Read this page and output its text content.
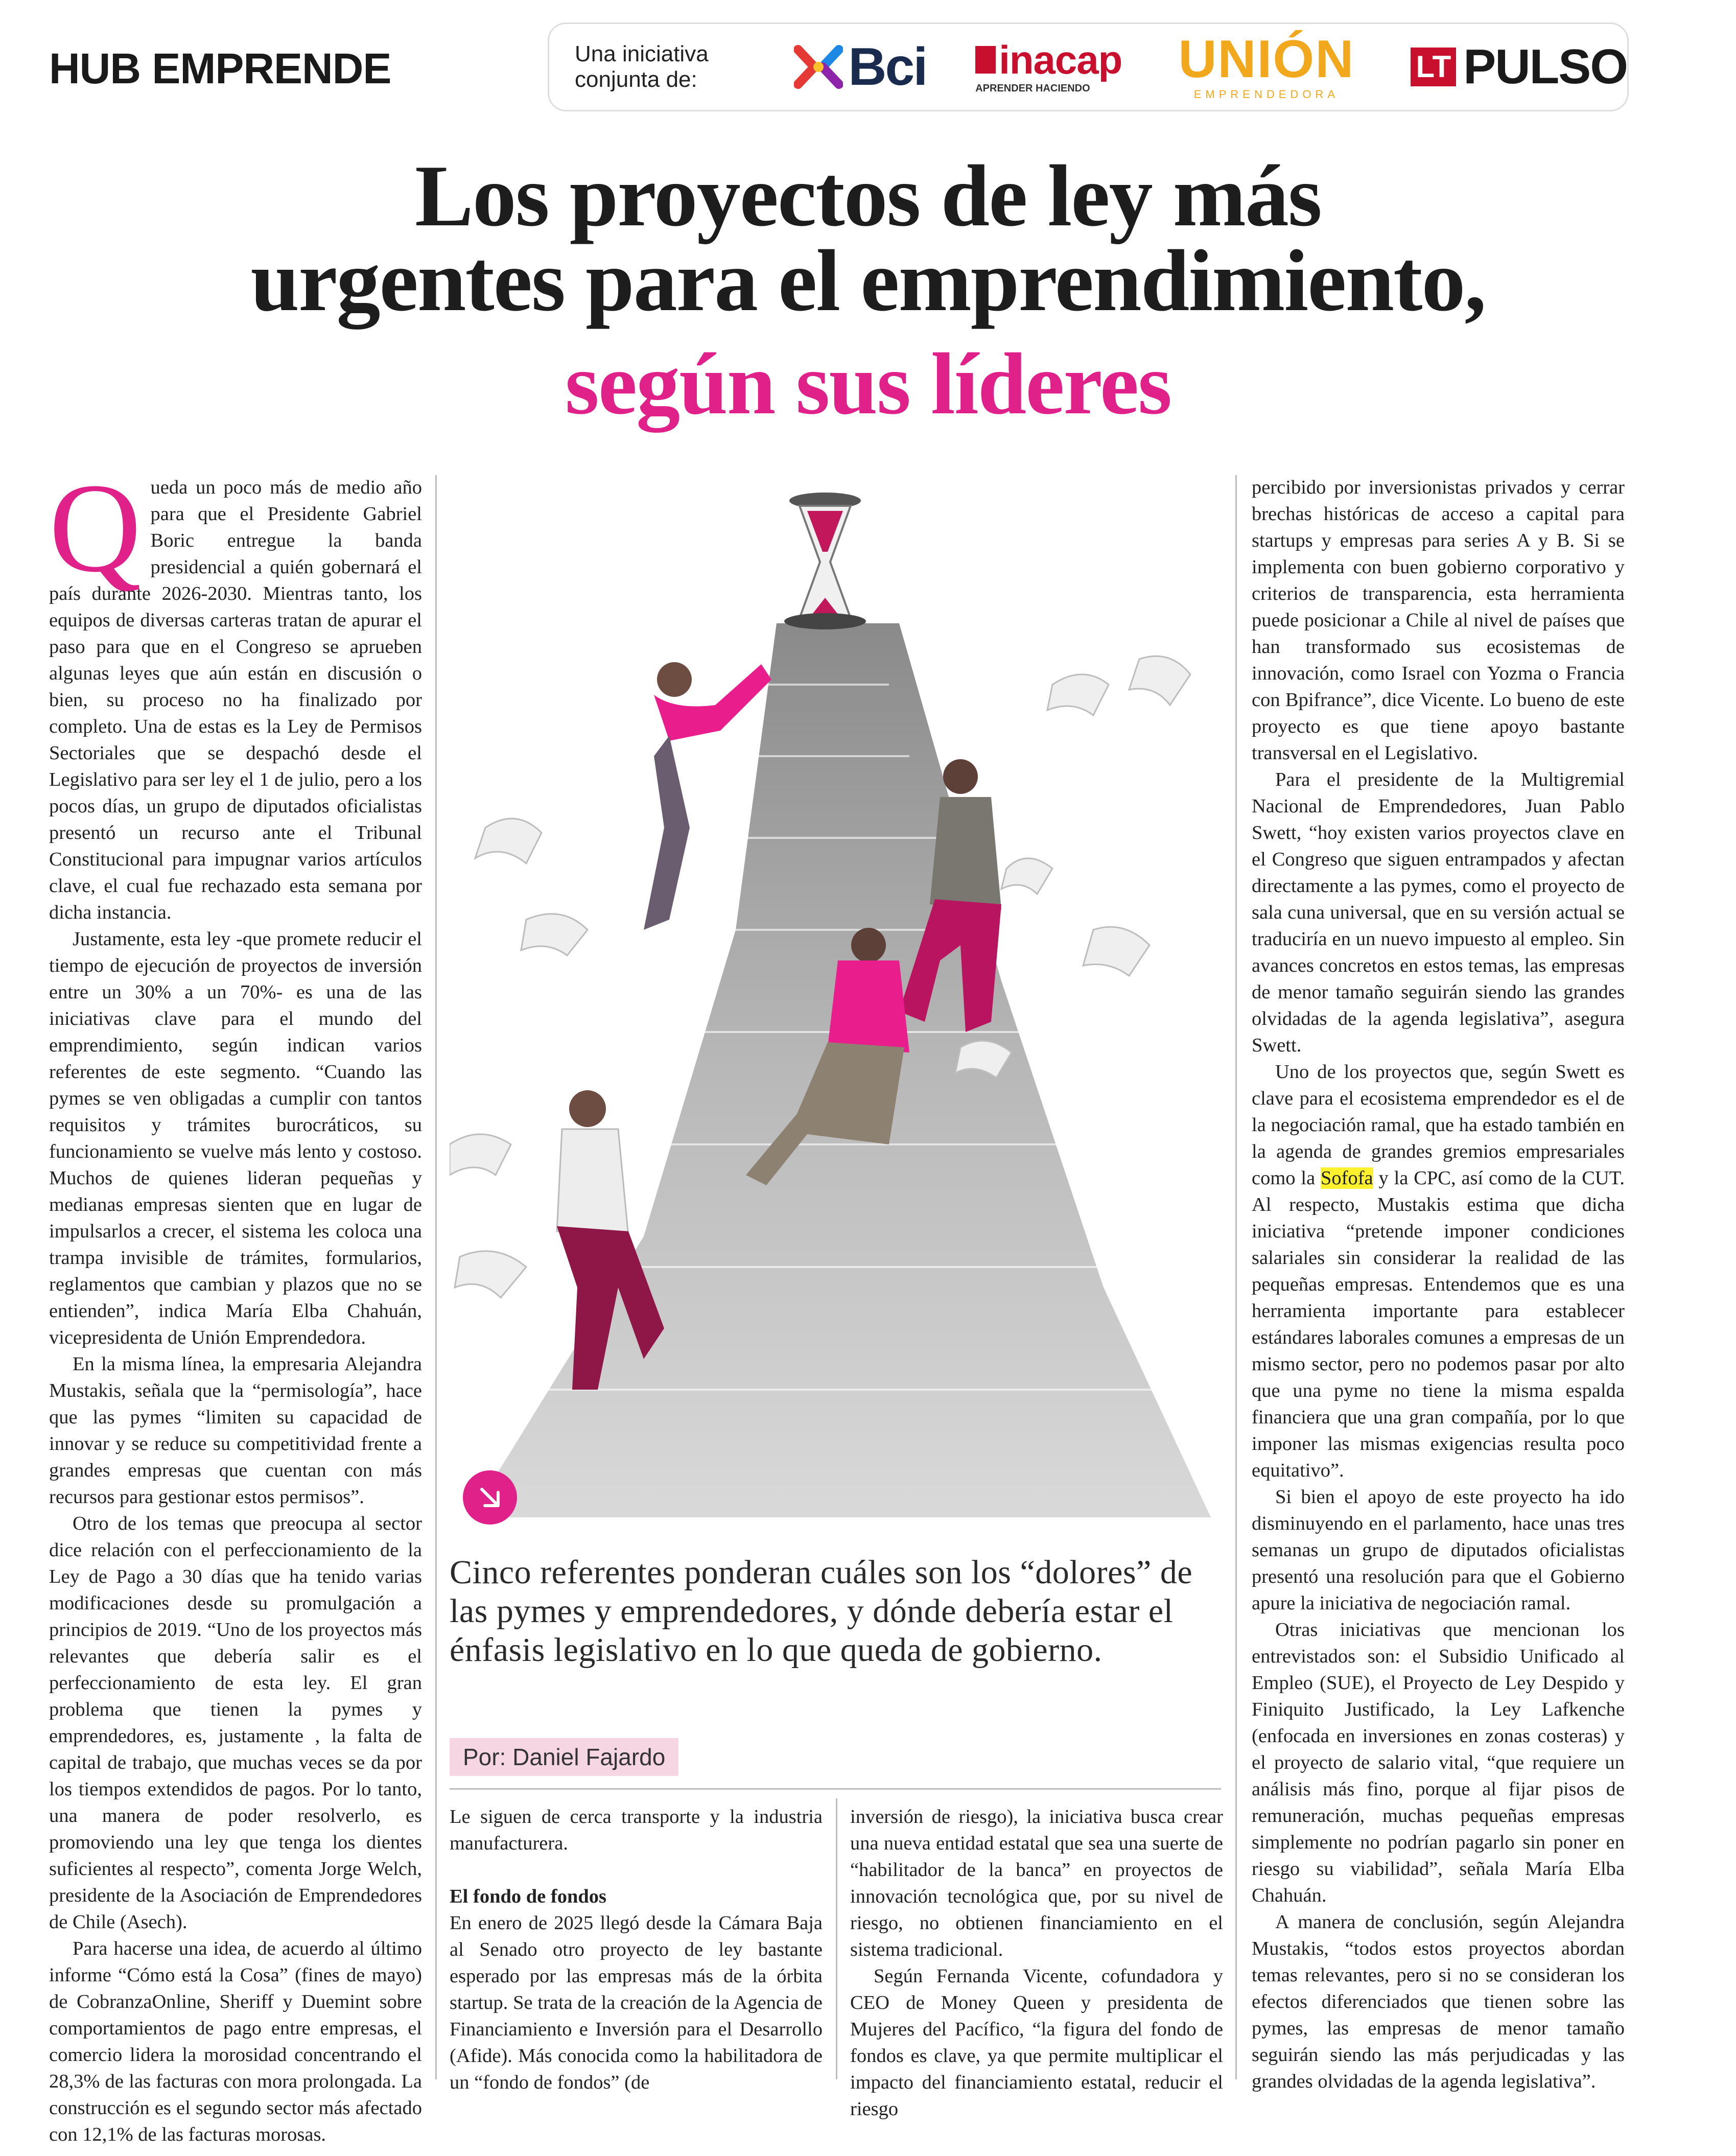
HUB EMPRENDE	Una iniciativa conjunta de:	Bci inacap
APRENDER HACIENDO UNIÓN
EMPRENDEDORA
LT PULSO
Los proyectos de ley más
urgentes para el emprendimiento,
según sus líderes
Q ueda un poco más de medio año para que el Presidente Gabriel Boric entregue la banda presidencial a quién gobernará el país durante 2026-2030. Mientras tanto, los equipos de diversas carteras tratan de apurar el paso para que en el Congreso se aprueben algunas leyes que aún están en discusión o bien, su proceso no ha finalizado por completo. Una de estas es la Ley de Permisos Sectoriales que se despachó desde el Legislativo para ser ley el 1 de julio, pero a los pocos días, un grupo de diputados oficialistas presentó un recurso ante el Tribunal Constitucional para impugnar varios artículos clave, el cual fue rechazado esta semana por dicha instancia.

Justamente, esta ley -que promete reducir el tiempo de ejecución de proyectos de inversión entre un 30% a un 70%- es una de las iniciativas clave para el mundo del emprendimiento, según indican varios referentes de este segmento. “Cuando las pymes se ven obligadas a cumplir con tantos requisitos y trámites burocráticos, su funcionamiento se vuelve más lento y costoso. Muchos de quienes lideran pequeñas y medianas empresas sienten que en lugar de impulsarlos a crecer, el sistema les coloca una trampa invisible de trámites, formularios, reglamentos que cambian y plazos que no se entienden”, indica María Elba Chahuán, vicepresidenta de Unión Emprendedora.

En la misma línea, la empresaria Alejandra Mustakis, señala que la “permisología”, hace que las pymes “limiten su capacidad de innovar y se reduce su competitividad frente a grandes empresas que cuentan con más recursos para gestionar estos permisos”.

Otro de los temas que preocupa al sector dice relación con el perfeccionamiento de la Ley de Pago a 30 días que ha tenido varias modificaciones desde su promulgación a principios de 2019. “Uno de los proyectos más relevantes que debería salir es el perfeccionamiento de esta ley. El gran problema que tienen la pymes y emprendedores, es, justamente , la falta de capital de trabajo, que muchas veces se da por los tiempos extendidos de pagos. Por lo tanto, una manera de poder resolverlo, es promoviendo una ley que tenga los dientes suficientes al respecto”, comenta Jorge Welch, presidente de la Asociación de Emprendedores de Chile (Asech).

Para hacerse una idea, de acuerdo al último informe “Cómo está la Cosa” (fines de mayo) de CobranzaOnline, Sheriff y Duemint sobre comportamientos de pago entre empresas, el comercio lidera la morosidad concentrando el 28,3% de las facturas con mora prolongada. La construcción es el segundo sector más afectado con 12,1% de las facturas morosas.

Cinco referentes ponderan cuáles son los “dolores” de las pymes y emprendedores, y dónde debería estar el énfasis legislativo en lo que queda de gobierno.
Por: Daniel Fajardo

Le siguen de cerca transporte y la industria manufacturera.

El fondo de fondos

En enero de 2025 llegó desde la Cámara Baja al Senado otro proyecto de ley bastante esperado por las empresas más de la órbita startup. Se trata de la creación de la Agencia de Financiamiento e Inversión para el Desarrollo (Afide). Más conocida como la habilitadora de un “fondo de fondos” (de

inversión de riesgo), la iniciativa busca crear una nueva entidad estatal que sea una suerte de “habilitador de la banca” en proyectos de innovación tecnológica que, por su nivel de riesgo, no obtienen financiamiento en el sistema tradicional.

Según Fernanda Vicente, cofundadora y CEO de Money Queen y presidenta de Mujeres del Pacífico, “la figura del fondo de fondos es clave, ya que permite multiplicar el impacto del financiamiento estatal, reducir el riesgo

percibido por inversionistas privados y cerrar brechas históricas de acceso a capital para startups y empresas para series A y B. Si se implementa con buen gobierno corporativo y criterios de transparencia, esta herramienta puede posicionar a Chile al nivel de países que han transformado sus ecosistemas de innovación, como Israel con Yozma o Francia con Bpifrance”, dice Vicente. Lo bueno de este proyecto es que tiene apoyo bastante transversal en el Legislativo.

Para el presidente de la Multigremial Nacional de Emprendedores, Juan Pablo Swett, “hoy existen varios proyectos clave en el Congreso que siguen entrampados y afectan directamente a las pymes, como el proyecto de sala cuna universal, que en su versión actual se traduciría en un nuevo impuesto al empleo. Sin avances concretos en estos temas, las empresas de menor tamaño seguirán siendo las grandes olvidadas de la agenda legislativa”, asegura Swett.

Uno de los proyectos que, según Swett es clave para el ecosistema emprendedor es el de la negociación ramal, que ha estado también en la agenda de grandes gremios empresariales como la Sofofa y la CPC, así como de la CUT. Al respecto, Mustakis estima que dicha iniciativa “pretende imponer condiciones salariales sin considerar la realidad de las pequeñas empresas. Entendemos que es una herramienta importante para establecer estándares laborales comunes a empresas de un mismo sector, pero no podemos pasar por alto que una pyme no tiene la misma espalda financiera que una gran compañía, por lo que imponer las mismas exigencias resulta poco equitativo”.

Si bien el apoyo de este proyecto ha ido disminuyendo en el parlamento, hace unas tres semanas un grupo de diputados oficialistas presentó una resolución para que el Gobierno apure la iniciativa de negociación ramal.

Otras iniciativas que mencionan los entrevistados son: el Subsidio Unificado al Empleo (SUE), el Proyecto de Ley Despido y Finiquito Justificado, la Ley Lafkenche (enfocada en inversiones en zonas costeras) y el proyecto de salario vital, “que requiere un análisis más fino, porque al fijar pisos de remuneración, muchas pequeñas empresas simplemente no podrían pagarlo sin poner en riesgo su viabilidad”, señala María Elba Chahuán.

A manera de conclusión, según Alejandra Mustakis, “todos estos proyectos abordan temas relevantes, pero si no se consideran los efectos diferenciados que tienen sobre las pymes, las empresas de menor tamaño seguirán siendo las más perjudicadas y las grandes olvidadas de la agenda legislativa”.
